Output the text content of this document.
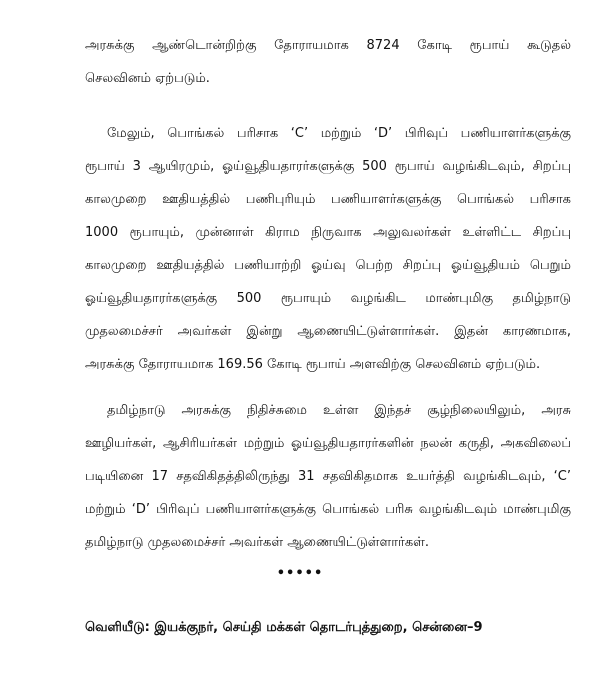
அரசுக்கு ஆண்டொன்றிற்கு தோராயமாக 8724 கோடி ரூபாய் கூடுதல்
செலவினம் ஏற்படும்.
மேலும், பொங்கல் பரிசாக ‘C’ மற்றும் ‘D’ பிரிவுப் பணியாளர்களுக்கு
ரூபாய் 3 ஆயிரமும், ஓய்வூதியதாரர்களுக்கு 500 ரூபாய் வழங்கிடவும், சிறப்பு
காலமுறை ஊதியத்தில் பணிபுரியும் பணியாளர்களுக்கு பொங்கல் பரிசாக
1000 ரூபாயும், முன்னாள் கிராம நிருவாக அலுவலர்கள் உள்ளிட்ட சிறப்பு
காலமுறை ஊதியத்தில் பணியாற்றி ஓய்வு பெற்ற சிறப்பு ஓய்வூதியம் பெறும்
ஓய்வூதியதாரர்களுக்கு 500 ரூபாயும் வழங்கிட மாண்புமிகு தமிழ்நாடு
முதலமைச்சர் அவர்கள் இன்று ஆணையிட்டுள்ளார்கள். இதன் காரணமாக,
அரசுக்கு தோராயமாக 169.56 கோடி ரூபாய் அளவிற்கு செலவினம் ஏற்படும்.
தமிழ்நாடு அரசுக்கு நிதிச்சுமை உள்ள இந்தச் சூழ்நிலையிலும், அரசு
ஊழியர்கள், ஆசிரியர்கள் மற்றும் ஓய்வூதியதாரர்களின் நலன் கருதி, அகவிலைப்
படியினை 17 சதவிகிதத்திலிருந்து 31 சதவிகிதமாக உயர்த்தி வழங்கிடவும், ‘C’
மற்றும் ‘D’ பிரிவுப் பணியாளர்களுக்கு பொங்கல் பரிசு வழங்கிடவும் மாண்புமிகு
தமிழ்நாடு முதலமைச்சர் அவர்கள் ஆணையிட்டுள்ளார்கள்.
•••••
வெளியீடு: இயக்குநர், செய்தி மக்கள் தொடர்புத்துறை, சென்னை–9
